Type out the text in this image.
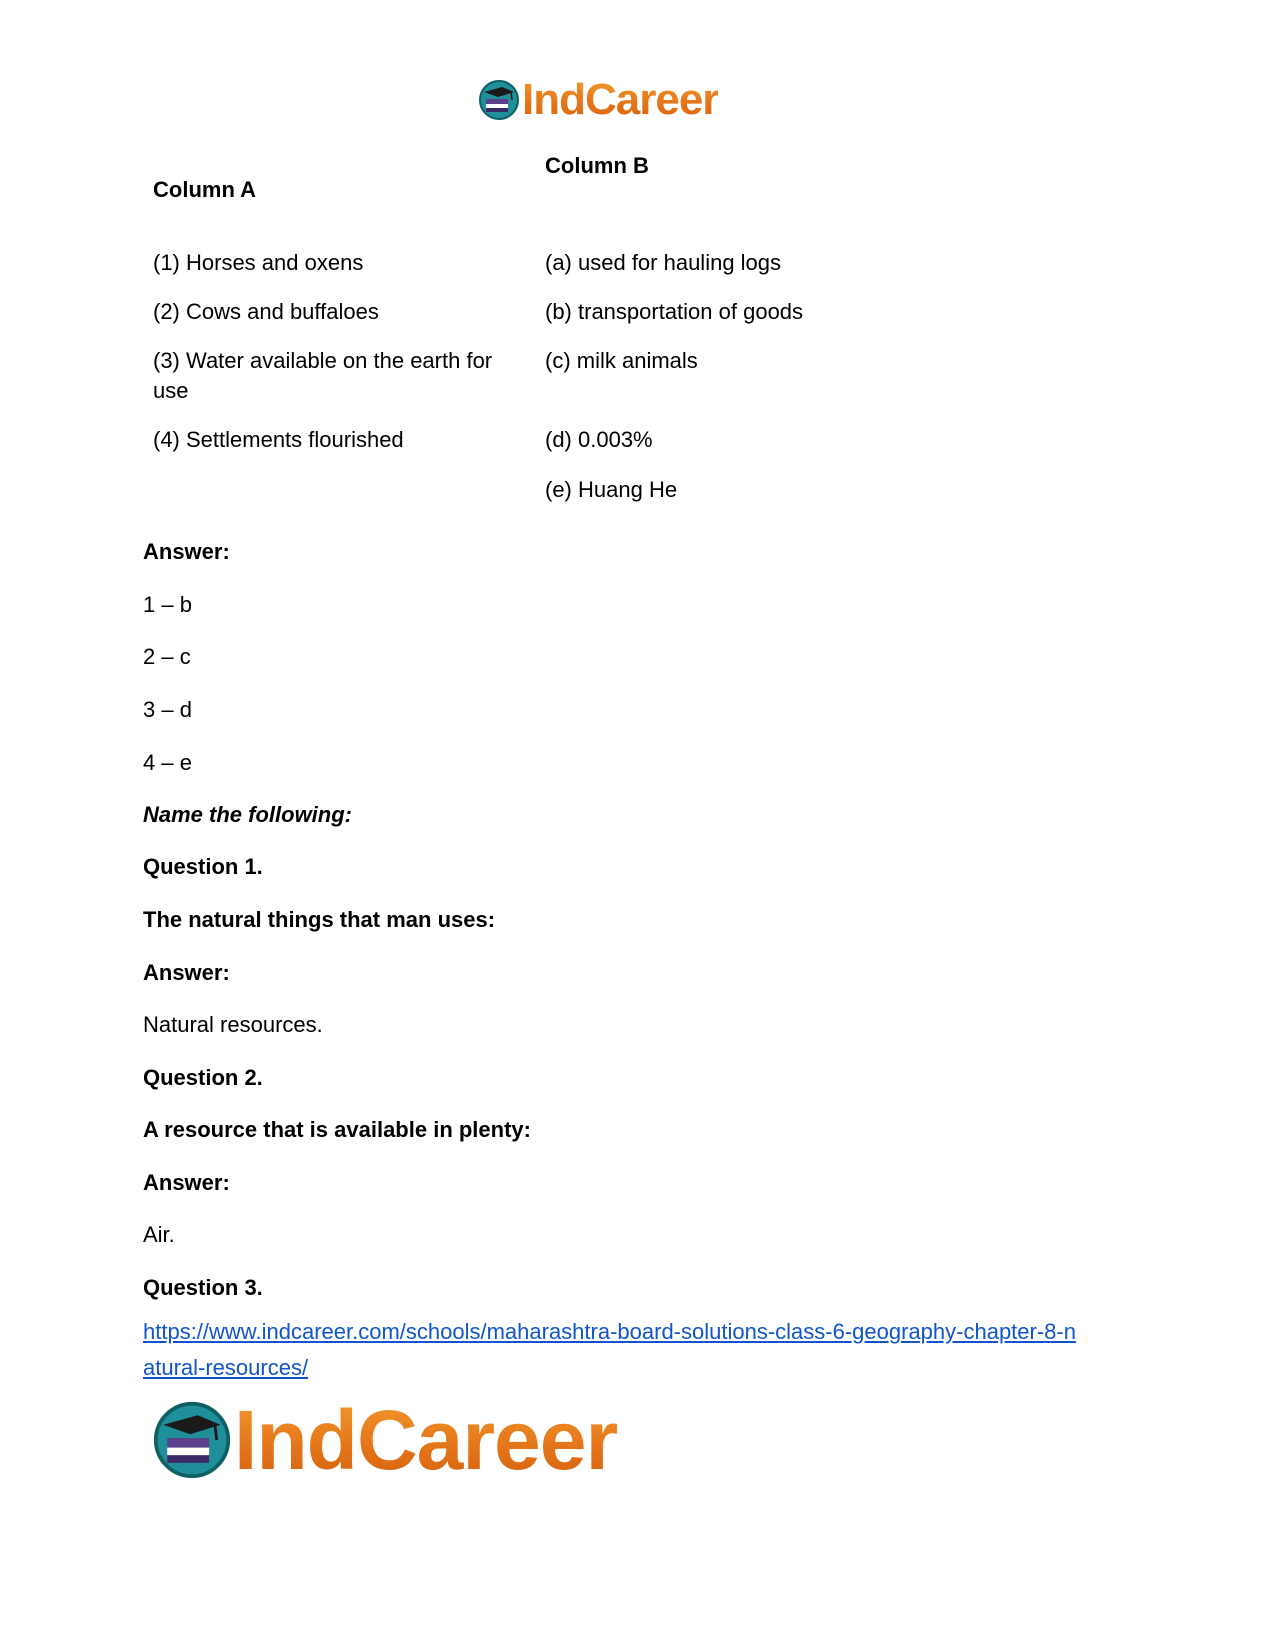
IndCareer
Column A
Column B
(1) Horses and oxens
(2) Cows and buffaloes
(3) Water available on the earth for
use
(4) Settlements flourished
(a) used for hauling logs
(b) transportation of goods
(c) milk animals
(d) 0.003%
(e) Huang He
Answer:
1 – b
2 – c
3 – d
4 – e
Name the following:
Question 1.
The natural things that man uses:
Answer:
Natural resources.
Question 2.
A resource that is available in plenty:
Answer:
Air.
Question 3.
https://www.indcareer.com/schools/maharashtra-board-solutions-class-6-geography-chapter-8-n
atural-resources/
IndCareer
